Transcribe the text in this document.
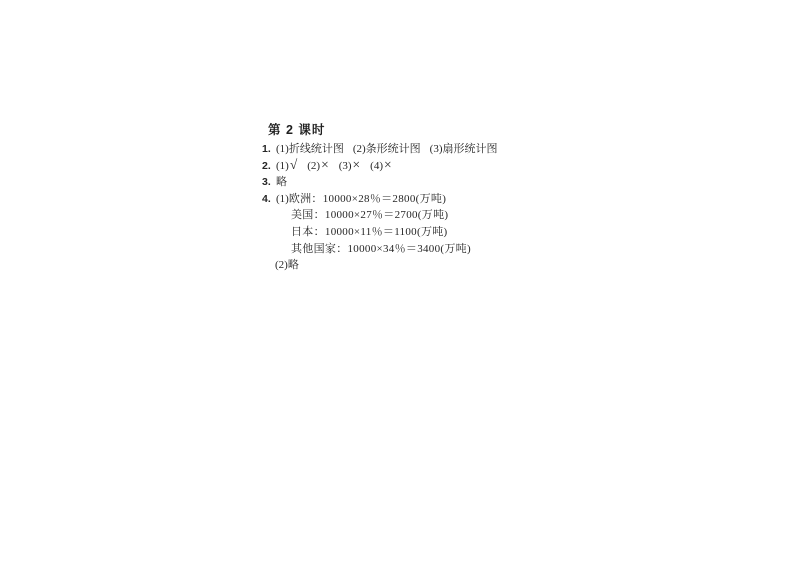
第 2 课时
1. (1)折线统计图 (2)条形统计图 (3)扇形统计图
2. (1)√ (2)× (3)× (4)×
3. 略
4. (1) 欧洲：10000×28％＝2800(万吨)
美国：10000×27％＝2700(万吨)
日本：10000×11％＝1100(万吨)
其他国家：10000×34％＝3400(万吨)
(2)略
